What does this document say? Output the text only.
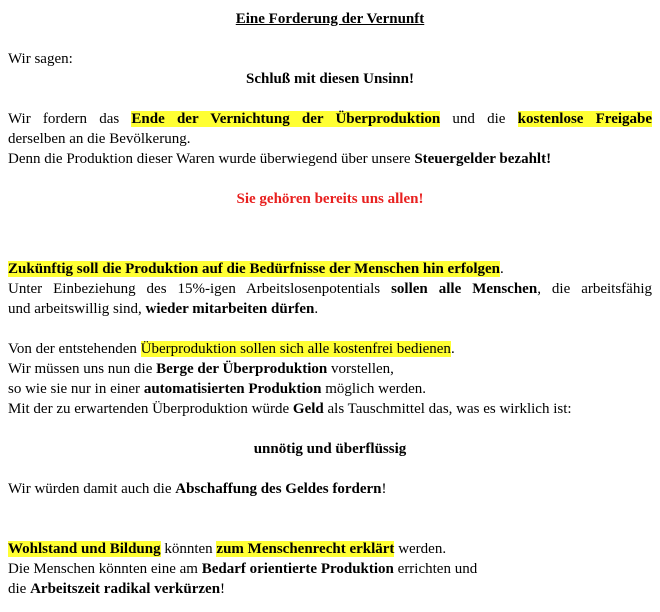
Eine Forderung der Vernunft

Wir sagen:

Schluß mit diesen Unsinn!

Wir fordern das Ende der Vernichtung der Überproduktion und die kostenlose Freigabe

derselben an die Bevölkerung.

Denn die Produktion dieser Waren wurde überwiegend über unsere Steuergelder bezahlt!

Sie gehören bereits uns allen!

Zukünftig soll die Produktion auf die Bedürfnisse der Menschen hin erfolgen.

Unter Einbeziehung des 15%-igen Arbeitslosenpotentials sollen alle Menschen, die arbeitsfähig

und arbeitswillig sind, wieder mitarbeiten dürfen.

Von der entstehenden Überproduktion sollen sich alle kostenfrei bedienen.

Wir müssen uns nun die Berge der Überproduktion vorstellen,

so wie sie nur in einer automatisierten Produktion möglich werden.

Mit der zu erwartenden Überproduktion würde Geld als Tauschmittel das, was es wirklich ist:

unnötig und überflüssig

Wir würden damit auch die Abschaffung des Geldes fordern!

Wohlstand und Bildung könnten zum Menschenrecht erklärt werden.

Die Menschen könnten eine am Bedarf orientierte Produktion errichten und

die Arbeitszeit radikal verkürzen!
